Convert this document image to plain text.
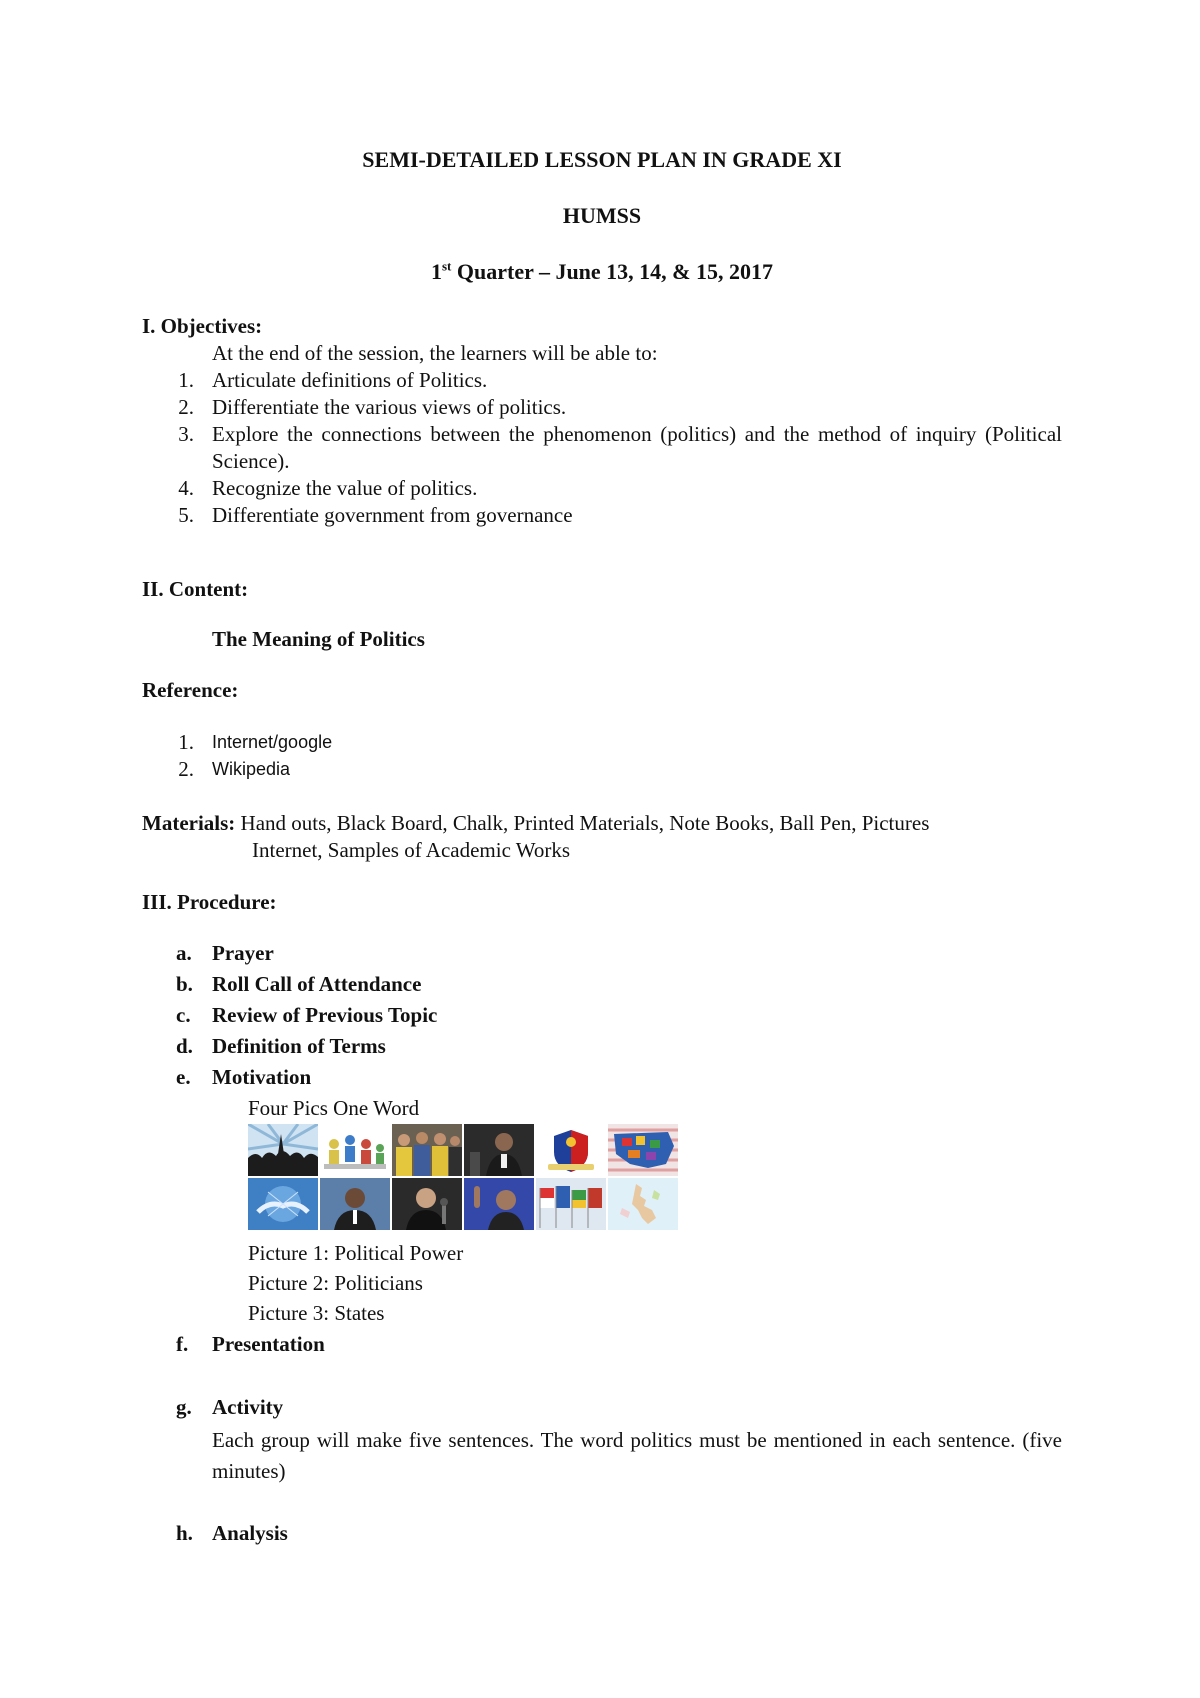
SEMI-DETAILED LESSON PLAN IN GRADE XI
HUMSS
1st Quarter – June 13, 14, & 15, 2017
I. Objectives:
At the end of the session, the learners will be able to:
1. Articulate definitions of Politics.
2. Differentiate the various views of politics.
3. Explore the connections between the phenomenon (politics) and the method of inquiry (Political Science).
4. Recognize the value of politics.
5. Differentiate government from governance
II. Content:
The Meaning of Politics
Reference:
1. Internet/google
2. Wikipedia
Materials: Hand outs, Black Board, Chalk, Printed Materials, Note Books, Ball Pen, Pictures
Internet, Samples of Academic Works
III. Procedure:
a. Prayer
b. Roll Call of Attendance
c. Review of Previous Topic
d. Definition of Terms
e. Motivation
Four Pics One Word
Picture 1: Political Power
Picture 2: Politicians
Picture 3: States
f. Presentation
g. Activity
Each group will make five sentences. The word politics must be mentioned in each sentence. (five minutes)
h. Analysis
